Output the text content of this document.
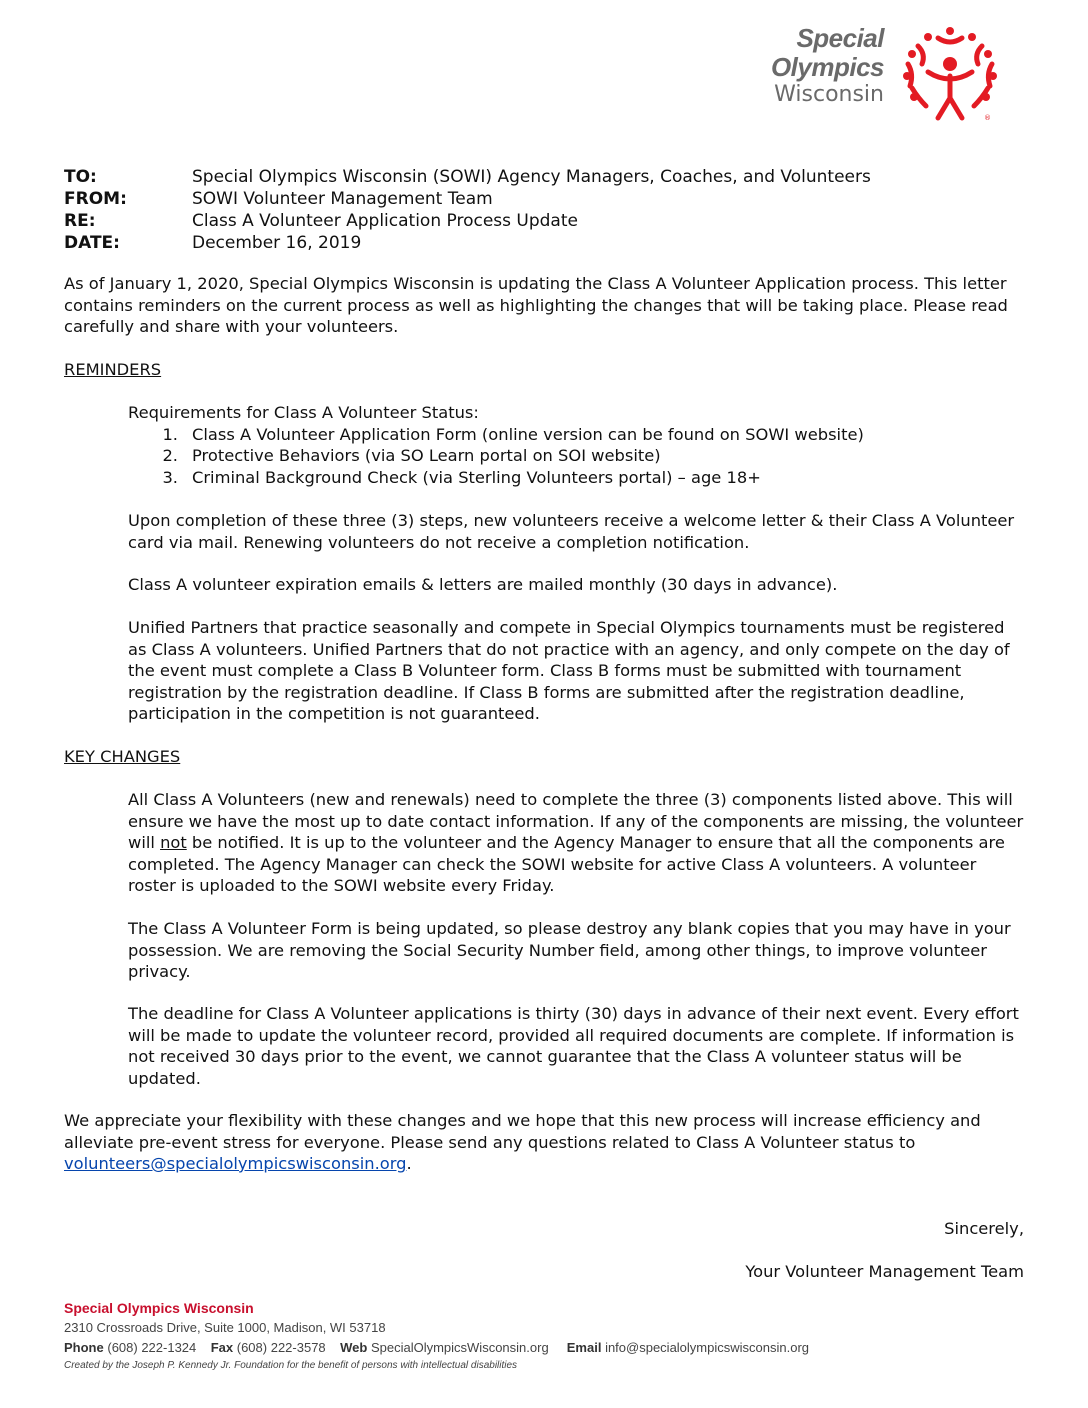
Special
Olympics
Wisconsin
®
TO:	Special Olympics Wisconsin (SOWI) Agency Managers, Coaches, and Volunteers
FROM:	SOWI Volunteer Management Team
RE:	Class A Volunteer Application Process Update
DATE:	December 16, 2019

As of January 1, 2020, Special Olympics Wisconsin is updating the Class A Volunteer Application process. This letter contains reminders on the current process as well as highlighting the changes that will be taking place. Please read carefully and share with your volunteers.

REMINDERS
Requirements for Class A Volunteer Status:
1. Class A Volunteer Application Form (online version can be found on SOWI website)
2. Protective Behaviors (via SO Learn portal on SOI website)
3. Criminal Background Check (via Sterling Volunteers portal) – age 18+

Upon completion of these three (3) steps, new volunteers receive a welcome letter & their Class A Volunteer card via mail. Renewing volunteers do not receive a completion notification.

Class A volunteer expiration emails & letters are mailed monthly (30 days in advance).

Unified Partners that practice seasonally and compete in Special Olympics tournaments must be registered as Class A volunteers. Unified Partners that do not practice with an agency, and only compete on the day of the event must complete a Class B Volunteer form. Class B forms must be submitted with tournament registration by the registration deadline. If Class B forms are submitted after the registration deadline, participation in the competition is not guaranteed.

KEY CHANGES

All Class A Volunteers (new and renewals) need to complete the three (3) components listed above. This will ensure we have the most up to date contact information. If any of the components are missing, the volunteer will not be notified. It is up to the volunteer and the Agency Manager to ensure that all the components are completed. The Agency Manager can check the SOWI website for active Class A volunteers. A volunteer roster is uploaded to the SOWI website every Friday.

The Class A Volunteer Form is being updated, so please destroy any blank copies that you may have in your possession. We are removing the Social Security Number field, among other things, to improve volunteer privacy.

The deadline for Class A Volunteer applications is thirty (30) days in advance of their next event. Every effort will be made to update the volunteer record, provided all required documents are complete. If information is not received 30 days prior to the event, we cannot guarantee that the Class A volunteer status will be updated.

We appreciate your flexibility with these changes and we hope that this new process will increase efficiency and alleviate pre-event stress for everyone. Please send any questions related to Class A Volunteer status to volunteers@specialolympicswisconsin.org.

Sincerely,
Your Volunteer Management Team
Special Olympics Wisconsin
2310 Crossroads Drive, Suite 1000, Madison, WI 53718
Phone (608) 222-1324 Fax (608) 222-3578 Web SpecialOlympicsWisconsin.org Email info@specialolympicswisconsin.org
Created by the Joseph P. Kennedy Jr. Foundation for the benefit of persons with intellectual disabilities
